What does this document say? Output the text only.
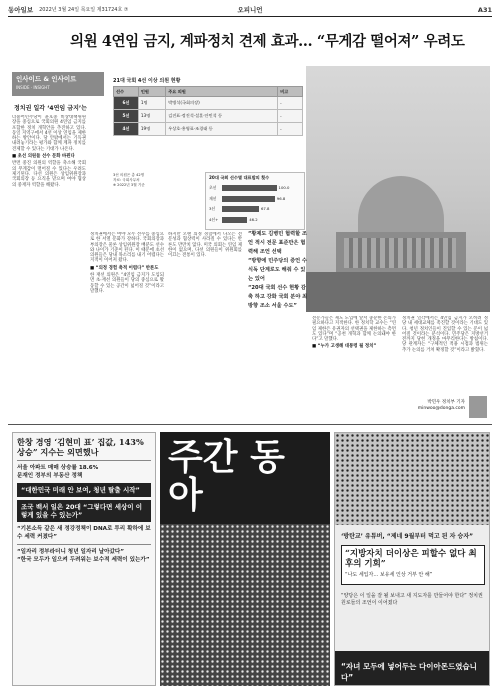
동아일보 2022년 3월 24일 목요일 제31724호 ⑦	오피니언	A31
의원 4연임 금지, 계파정치 견제 효과… “무게감 떨어져” 우려도
인사이드 & 인사이트
INSIDE · INSIGHT
정치권 일각 ‘4연임 금지’는
21대 국회 4선 이상 의원 현황
선수	인원	주요 의원	비고
6선	1명	박병석(국회의장)	-
5선	13명	김진표·정진석·설훈·안민석 등	-
4선	19명	우상호·홍영표·조경태 등	-
3선 의원은 총 42명
자료: 국회사무처
※ 2022년 3월 기준
20대 국회 선수별 대표발의 횟수
초선	100.0
재선	96.8
3선	67.8
4선+	46.2
더불어민주당이 윤호중 비상대책위원장을 중심으로 국회의원 4연임 금지를 포함한 정치 개혁안을 추진하고 있다. 동일 지역구에서 4선 이상 연임을 제한하는 방안이다. 당 안팎에서는 기득권 내려놓기라는 평가와 함께 계파 정치를 견제할 수 있다는 기대가 나온다.
■ 초선 의원들 선수 문화 바뀐다
반면 중진 의원의 역할을 축소해 국회의 무게감이 떨어질 수 있다는 우려도 제기된다. 다선 의원은 상임위원장과 국회의장 등 요직을 맡으며 여야 협상의 중재자 역할을 해왔다.
정치권에서는 여야 모두 선수를 중심으로 한 서열 문화가 강하다. 국회의장과 부의장은 물론 상임위원장 배분도 선수와 나이가 기준이 된다. 이 때문에 초선 의원들은 당내 목소리를 내기 어렵다는 지적이 이어져 왔다.
■ “의정 경험 축적 어렵다” 반론도
한 재선 의원은 “4연임 금지가 도입되면 초·재선 의원들이 당의 중심으로 활동할 수 있는 공간이 넓어질 것”이라고 말했다.
하지만 오랜 의정 경험에서 나오는 전문성과 협상력이 사라질 수 있다는 반론도 만만치 않다. 미국 의회는 연임 제한이 없으며, 다선 의원들이 위원회를 이끄는 전통이 있다.
“황제도 김병민 협력할 조언 적시 전문 표준만은 협력해 조언 선택
“방향에 민주당의 증언 수식독 단계로도 해줘 수 있는 있어
“20대 국회 선수 현황 감축 하고 강화 국회 분야 최 방향 조소 서울 수도”
전문가들은 제도 도입에 앞서 충분한 논의가 필요하다고 지적한다. 한 정치학 교수는 “연임 제한은 유권자의 선택권을 제한하는 측면도 있다”며 “공천 개혁과 함께 논의돼야 한다”고 말했다.
■ “누가 고생해 대통령 될 정치”
정치권 일각에서는 4연임 금지가 오히려 정당 내 세대교체를 촉진할 것이라는 기대도 있다. 청년 정치인들이 진입할 수 있는 문이 넓어질 것이라는 분석이다. 민주당은 지방선거 전까지 당헌 개정을 마무리한다는 방침이다. 당 관계자는 “구체적인 적용 시점과 범위는 추가 논의를 거쳐 확정할 것”이라고 밝혔다.
박민우 정치부 기자
minwoo@donga.com
한창 경영 ‘김현미 표’ 집값, 143% 상승” 지수는 외면했나
서울 아파트 매매 상승률 18.6%
문재인 정부의 부동산 정책
“대한민국 미래 안 보여, 청년 탈출 시작”
조국 백서 일은 20대 “그렇다면 세상이 이렇게 있을 수 있는가”
“기본소득 같은 새 정강정책이 DNA로 투리 확하에 보수 세력 커졌다”
“일자리 정부라더니 청년 일자리 날아갔다”
“한국 모두가 일으켜 두려워는 보수적 세력이 있는가”
주간 동아
‘방탄교’ 유튜버, “제네 9월부터 먹고 된 자 승자”
“지방자치 더이상은 피할수 없다 최후의 기회”
“나도 세입자… 보유세 인상 거부 안 해”
“양당은 이 일을 잘 될 보내고 새 지도자를 만들어야 한다” 정치권 원로들의 조언이 이어졌다
“자녀 모두에 넣어두는 다이아몬드였습니다”
